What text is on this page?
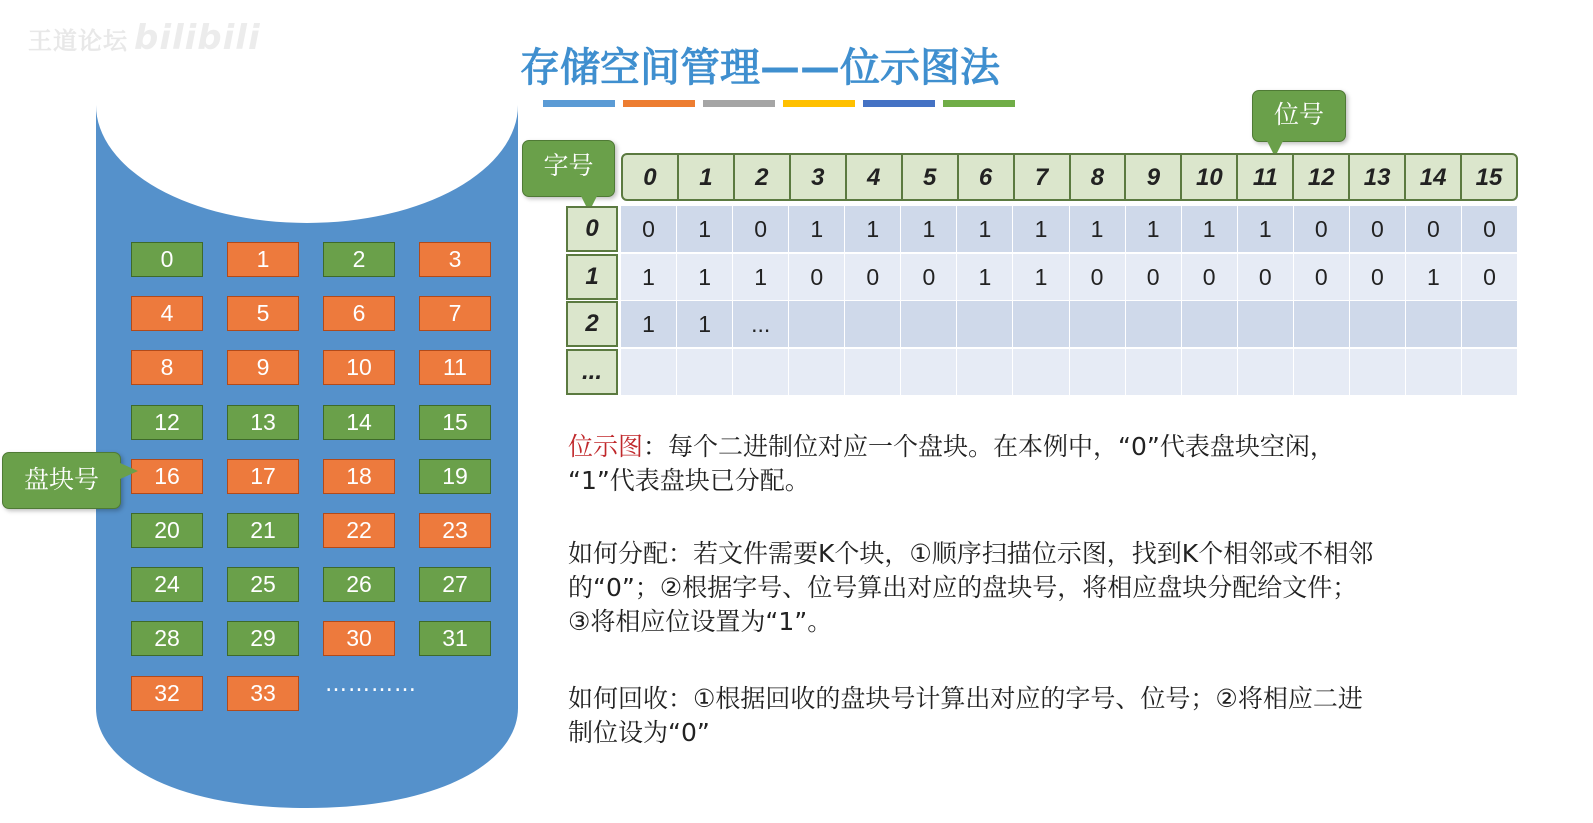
王道论坛 bilibili
存储空间管理——位示图法
0	1	2	3
4	5	6	7
8	9	10	11
12	13	14	15
16	17	18	19
20	21	22	23
24	25	26	27
28	29	30	31
32	33	…………
盘块号
字号
位号
0	1	2	3	4	5	6	7	8	9	10	11	12	13	14	15
0	0	1	0	1	1	1	1	1	1	1	1	1	0	0	0	0
1	1	1	1	0	0	0	1	1	0	0	0	0	0	0	1	0
2	1	1	...
...
位示图：每个二进制位对应一个盘块。在本例中，“0”代表盘块空闲，
“1”代表盘块已分配。
如何分配：若文件需要K个块，①顺序扫描位示图，找到K个相邻或不相邻
的“0”；②根据字号、位号算出对应的盘块号，将相应盘块分配给文件；
③将相应位设置为“1”。
如何回收：①根据回收的盘块号计算出对应的字号、位号；②将相应二进
制位设为“0”
